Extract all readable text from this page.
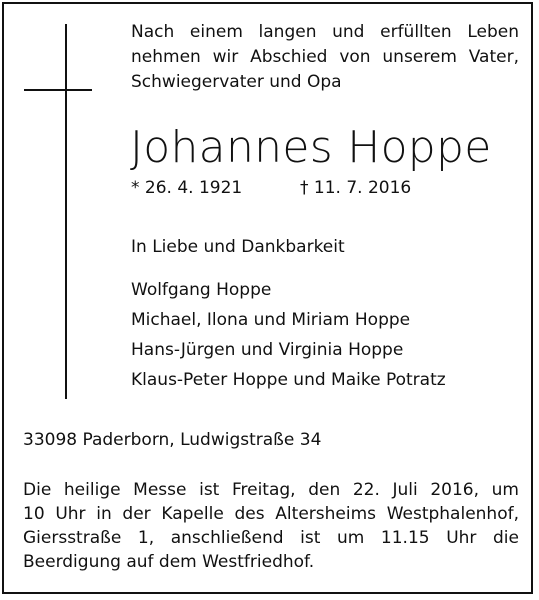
Nach einem langen und erfüllten Leben
nehmen wir Abschied von unserem Vater,
Schwiegervater und Opa
Johannes Hoppe
* 26. 4. 1921	† 11. 7. 2016
In Liebe und Dankbarkeit
Wolfgang Hoppe
Michael, Ilona und Miriam Hoppe
Hans-Jürgen und Virginia Hoppe
Klaus-Peter Hoppe und Maike Potratz
33098 Paderborn, Ludwigstraße 34
Die heilige Messe ist Freitag, den 22. Juli 2016, um
10 Uhr in der Kapelle des Altersheims Westphalenhof,
Giersstraße 1, anschließend ist um 11.15 Uhr die
Beerdigung auf dem Westfriedhof.
